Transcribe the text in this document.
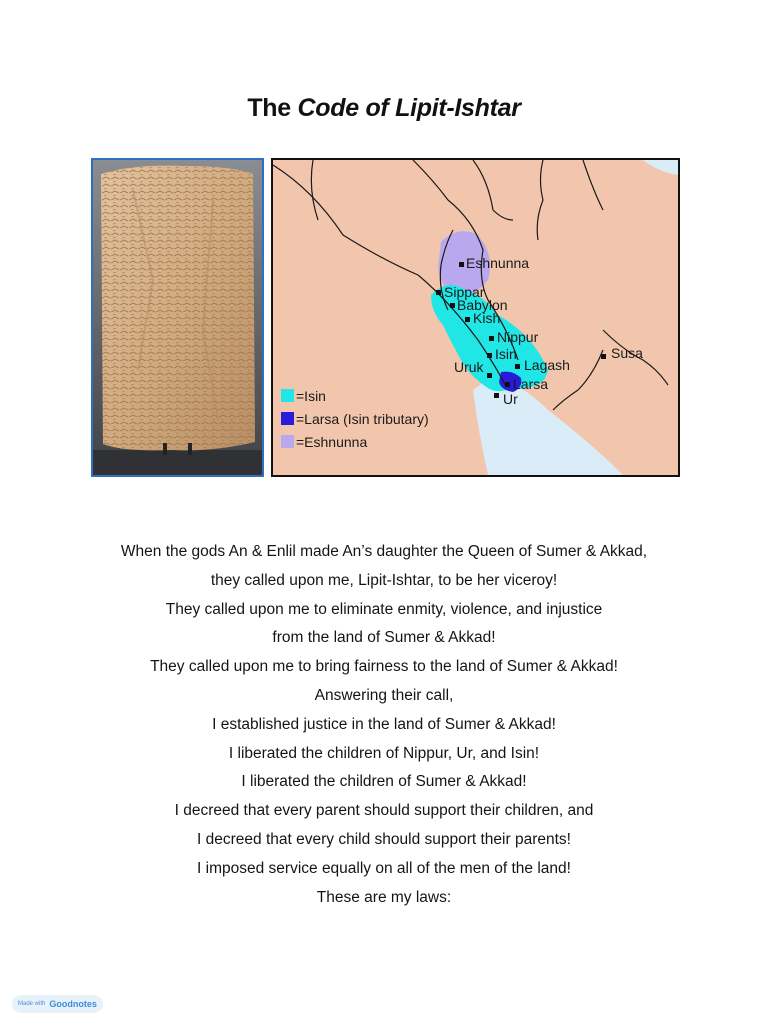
The Code of Lipit-Ishtar
Eshnunna
Sippar
Babylon
Kish
Nippur
Isin
Lagash
Uruk
Larsa
Ur
Susa
=Isin
=Larsa (Isin tributary)
=Eshnunna
When the gods An & Enlil made An’s daughter the Queen of Sumer & Akkad,
they called upon me, Lipit-Ishtar, to be her viceroy!
They called upon me to eliminate enmity, violence, and injustice
from the land of Sumer & Akkad!
They called upon me to bring fairness to the land of Sumer & Akkad!
Answering their call,
I established justice in the land of Sumer & Akkad!
I liberated the children of Nippur, Ur, and Isin!
I liberated the children of Sumer & Akkad!
I decreed that every parent should support their children, and
I decreed that every child should support their parents!
I imposed service equally on all of the men of the land!
These are my laws:
Made with Goodnotes
